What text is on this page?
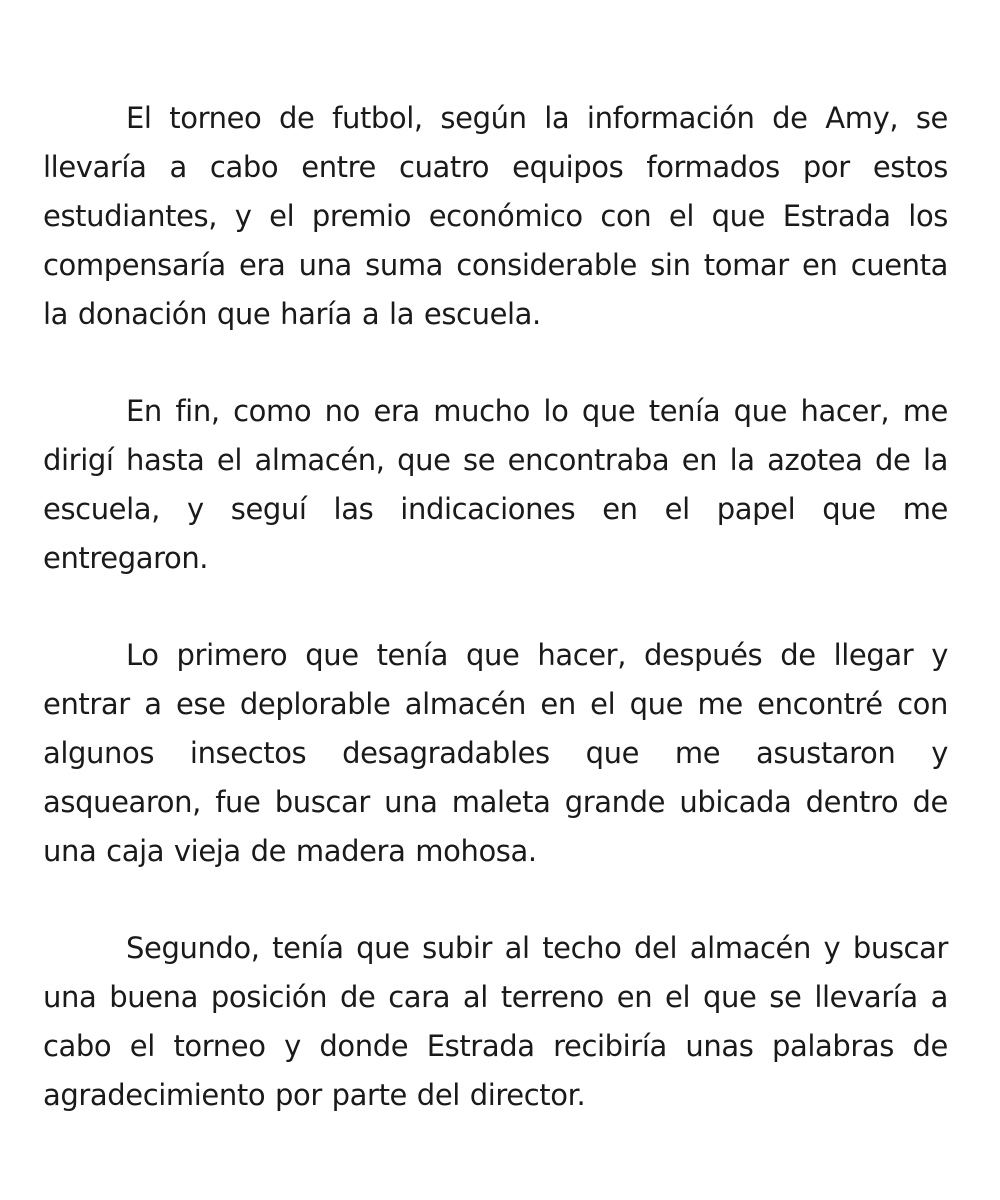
El torneo de futbol, según la información de Amy, se llevaría a cabo entre cuatro equipos formados por estos estudiantes, y el premio económico con el que Estrada los compensaría era una suma considerable sin tomar en cuenta la donación que haría a la escuela.

En fin, como no era mucho lo que tenía que hacer, me dirigí hasta el almacén, que se encontraba en la azotea de la escuela, y seguí las indicaciones en el papel que me entregaron.

Lo primero que tenía que hacer, después de llegar y entrar a ese deplorable almacén en el que me encontré con algunos insectos desagradables que me asustaron y asquearon, fue buscar una maleta grande ubicada dentro de una caja vieja de madera mohosa.

Segundo, tenía que subir al techo del almacén y buscar una buena posición de cara al terreno en el que se llevaría a cabo el torneo y donde Estrada recibiría unas palabras de agradecimiento por parte del director.
